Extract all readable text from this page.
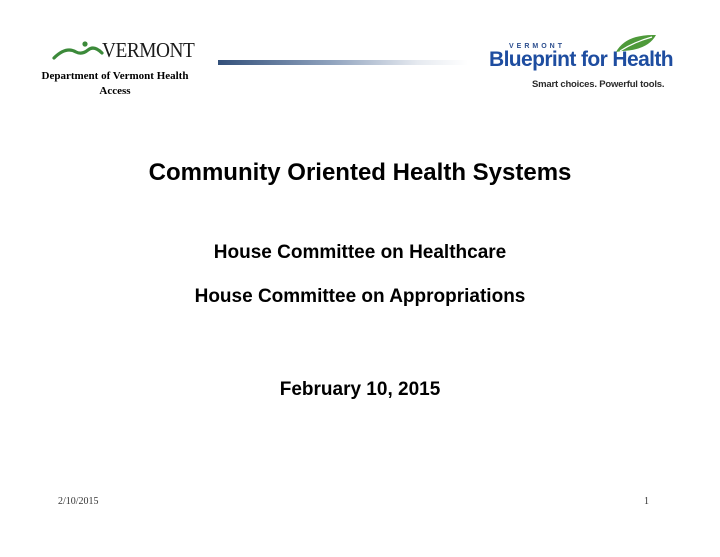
VERMONT
Department of Vermont Health Access
VERMONT
Blueprint for Health
Smart choices. Powerful tools.
Community Oriented Health Systems
House Committee on Healthcare
House Committee on Appropriations
February 10, 2015
2/10/2015	1
